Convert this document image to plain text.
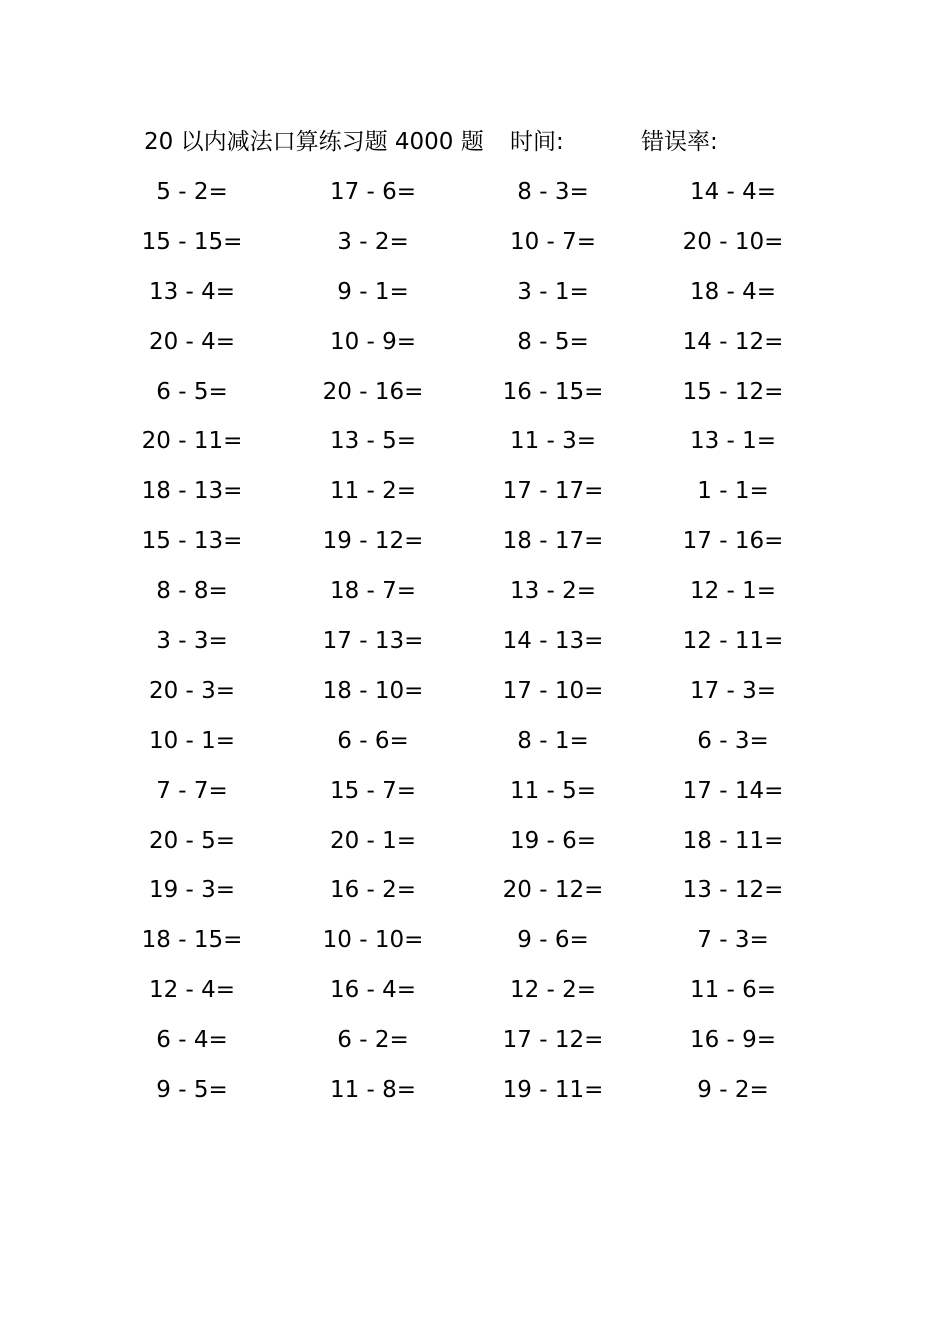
20 以内减法口算练习题 4000 题 时间:	错误率:
5 - 2=	17 - 6=	8 - 3=	14 - 4=
15 - 15=	3 - 2=	10 - 7=	20 - 10=
13 - 4=	9 - 1=	3 - 1=	18 - 4=
20 - 4=	10 - 9=	8 - 5=	14 - 12=
6 - 5=	20 - 16=	16 - 15=	15 - 12=
20 - 11=	13 - 5=	11 - 3=	13 - 1=
18 - 13=	11 - 2=	17 - 17=	1 - 1=
15 - 13=	19 - 12=	18 - 17=	17 - 16=
8 - 8=	18 - 7=	13 - 2=	12 - 1=
3 - 3=	17 - 13=	14 - 13=	12 - 11=
20 - 3=	18 - 10=	17 - 10=	17 - 3=
10 - 1=	6 - 6=	8 - 1=	6 - 3=
7 - 7=	15 - 7=	11 - 5=	17 - 14=
20 - 5=	20 - 1=	19 - 6=	18 - 11=
19 - 3=	16 - 2=	20 - 12=	13 - 12=
18 - 15=	10 - 10=	9 - 6=	7 - 3=
12 - 4=	16 - 4=	12 - 2=	11 - 6=
6 - 4=	6 - 2=	17 - 12=	16 - 9=
9 - 5=	11 - 8=	19 - 11=	9 - 2=
